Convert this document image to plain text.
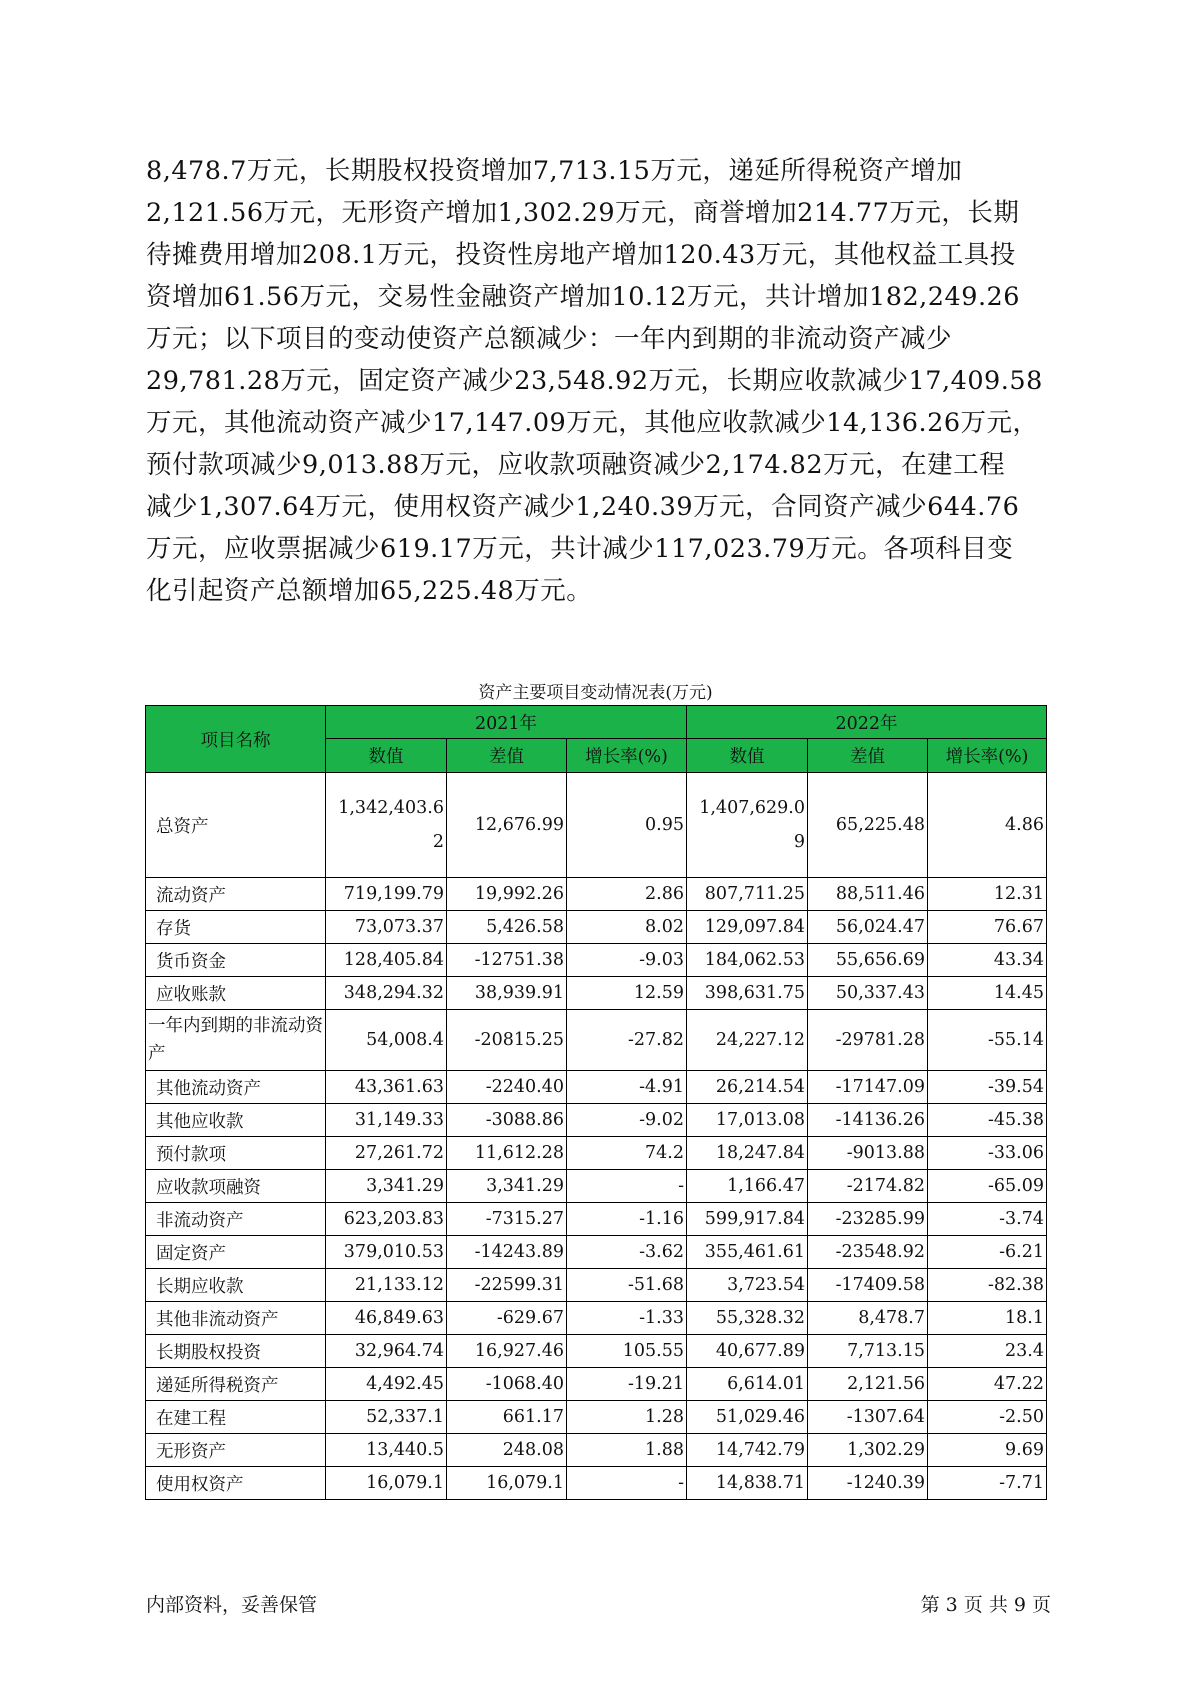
8,478.7万元，长期股权投资增加7,713.15万元，递延所得税资产增加
2,121.56万元，无形资产增加1,302.29万元，商誉增加214.77万元，长期
待摊费用增加208.1万元，投资性房地产增加120.43万元，其他权益工具投
资增加61.56万元，交易性金融资产增加10.12万元，共计增加182,249.26
万元；以下项目的变动使资产总额减少：一年内到期的非流动资产减少
29,781.28万元，固定资产减少23,548.92万元，长期应收款减少17,409.58
万元，其他流动资产减少17,147.09万元，其他应收款减少14,136.26万元，
预付款项减少9,013.88万元，应收款项融资减少2,174.82万元，在建工程
减少1,307.64万元，使用权资产减少1,240.39万元，合同资产减少644.76
万元，应收票据减少619.17万元，共计减少117,023.79万元。各项科目变
化引起资产总额增加65,225.48万元。
资产主要项目变动情况表(万元)
项目名称	2021年			2022年		
	数值	差值	增长率(%)	数值	差值	增长率(%)
总资产	1,342,403.62	12,676.99	0.95	1,407,629.09	65,225.48	4.86
流动资产	719,199.79	19,992.26	2.86	807,711.25	88,511.46	12.31
存货	73,073.37	5,426.58	8.02	129,097.84	56,024.47	76.67
货币资金	128,405.84	-12751.38	-9.03	184,062.53	55,656.69	43.34
应收账款	348,294.32	38,939.91	12.59	398,631.75	50,337.43	14.45
一年内到期的非流动资产	54,008.4	-20815.25	-27.82	24,227.12	-29781.28	-55.14
其他流动资产	43,361.63	-2240.40	-4.91	26,214.54	-17147.09	-39.54
其他应收款	31,149.33	-3088.86	-9.02	17,013.08	-14136.26	-45.38
预付款项	27,261.72	11,612.28	74.2	18,247.84	-9013.88	-33.06
应收款项融资	3,341.29	3,341.29	-	1,166.47	-2174.82	-65.09
非流动资产	623,203.83	-7315.27	-1.16	599,917.84	-23285.99	-3.74
固定资产	379,010.53	-14243.89	-3.62	355,461.61	-23548.92	-6.21
长期应收款	21,133.12	-22599.31	-51.68	3,723.54	-17409.58	-82.38
其他非流动资产	46,849.63	-629.67	-1.33	55,328.32	8,478.7	18.1
长期股权投资	32,964.74	16,927.46	105.55	40,677.89	7,713.15	23.4
递延所得税资产	4,492.45	-1068.40	-19.21	6,614.01	2,121.56	47.22
在建工程	52,337.1	661.17	1.28	51,029.46	-1307.64	-2.50
无形资产	13,440.5	248.08	1.88	14,742.79	1,302.29	9.69
使用权资产	16,079.1	16,079.1	-	14,838.71	-1240.39	-7.71
内部资料，妥善保管	第 3 页 共 9 页
